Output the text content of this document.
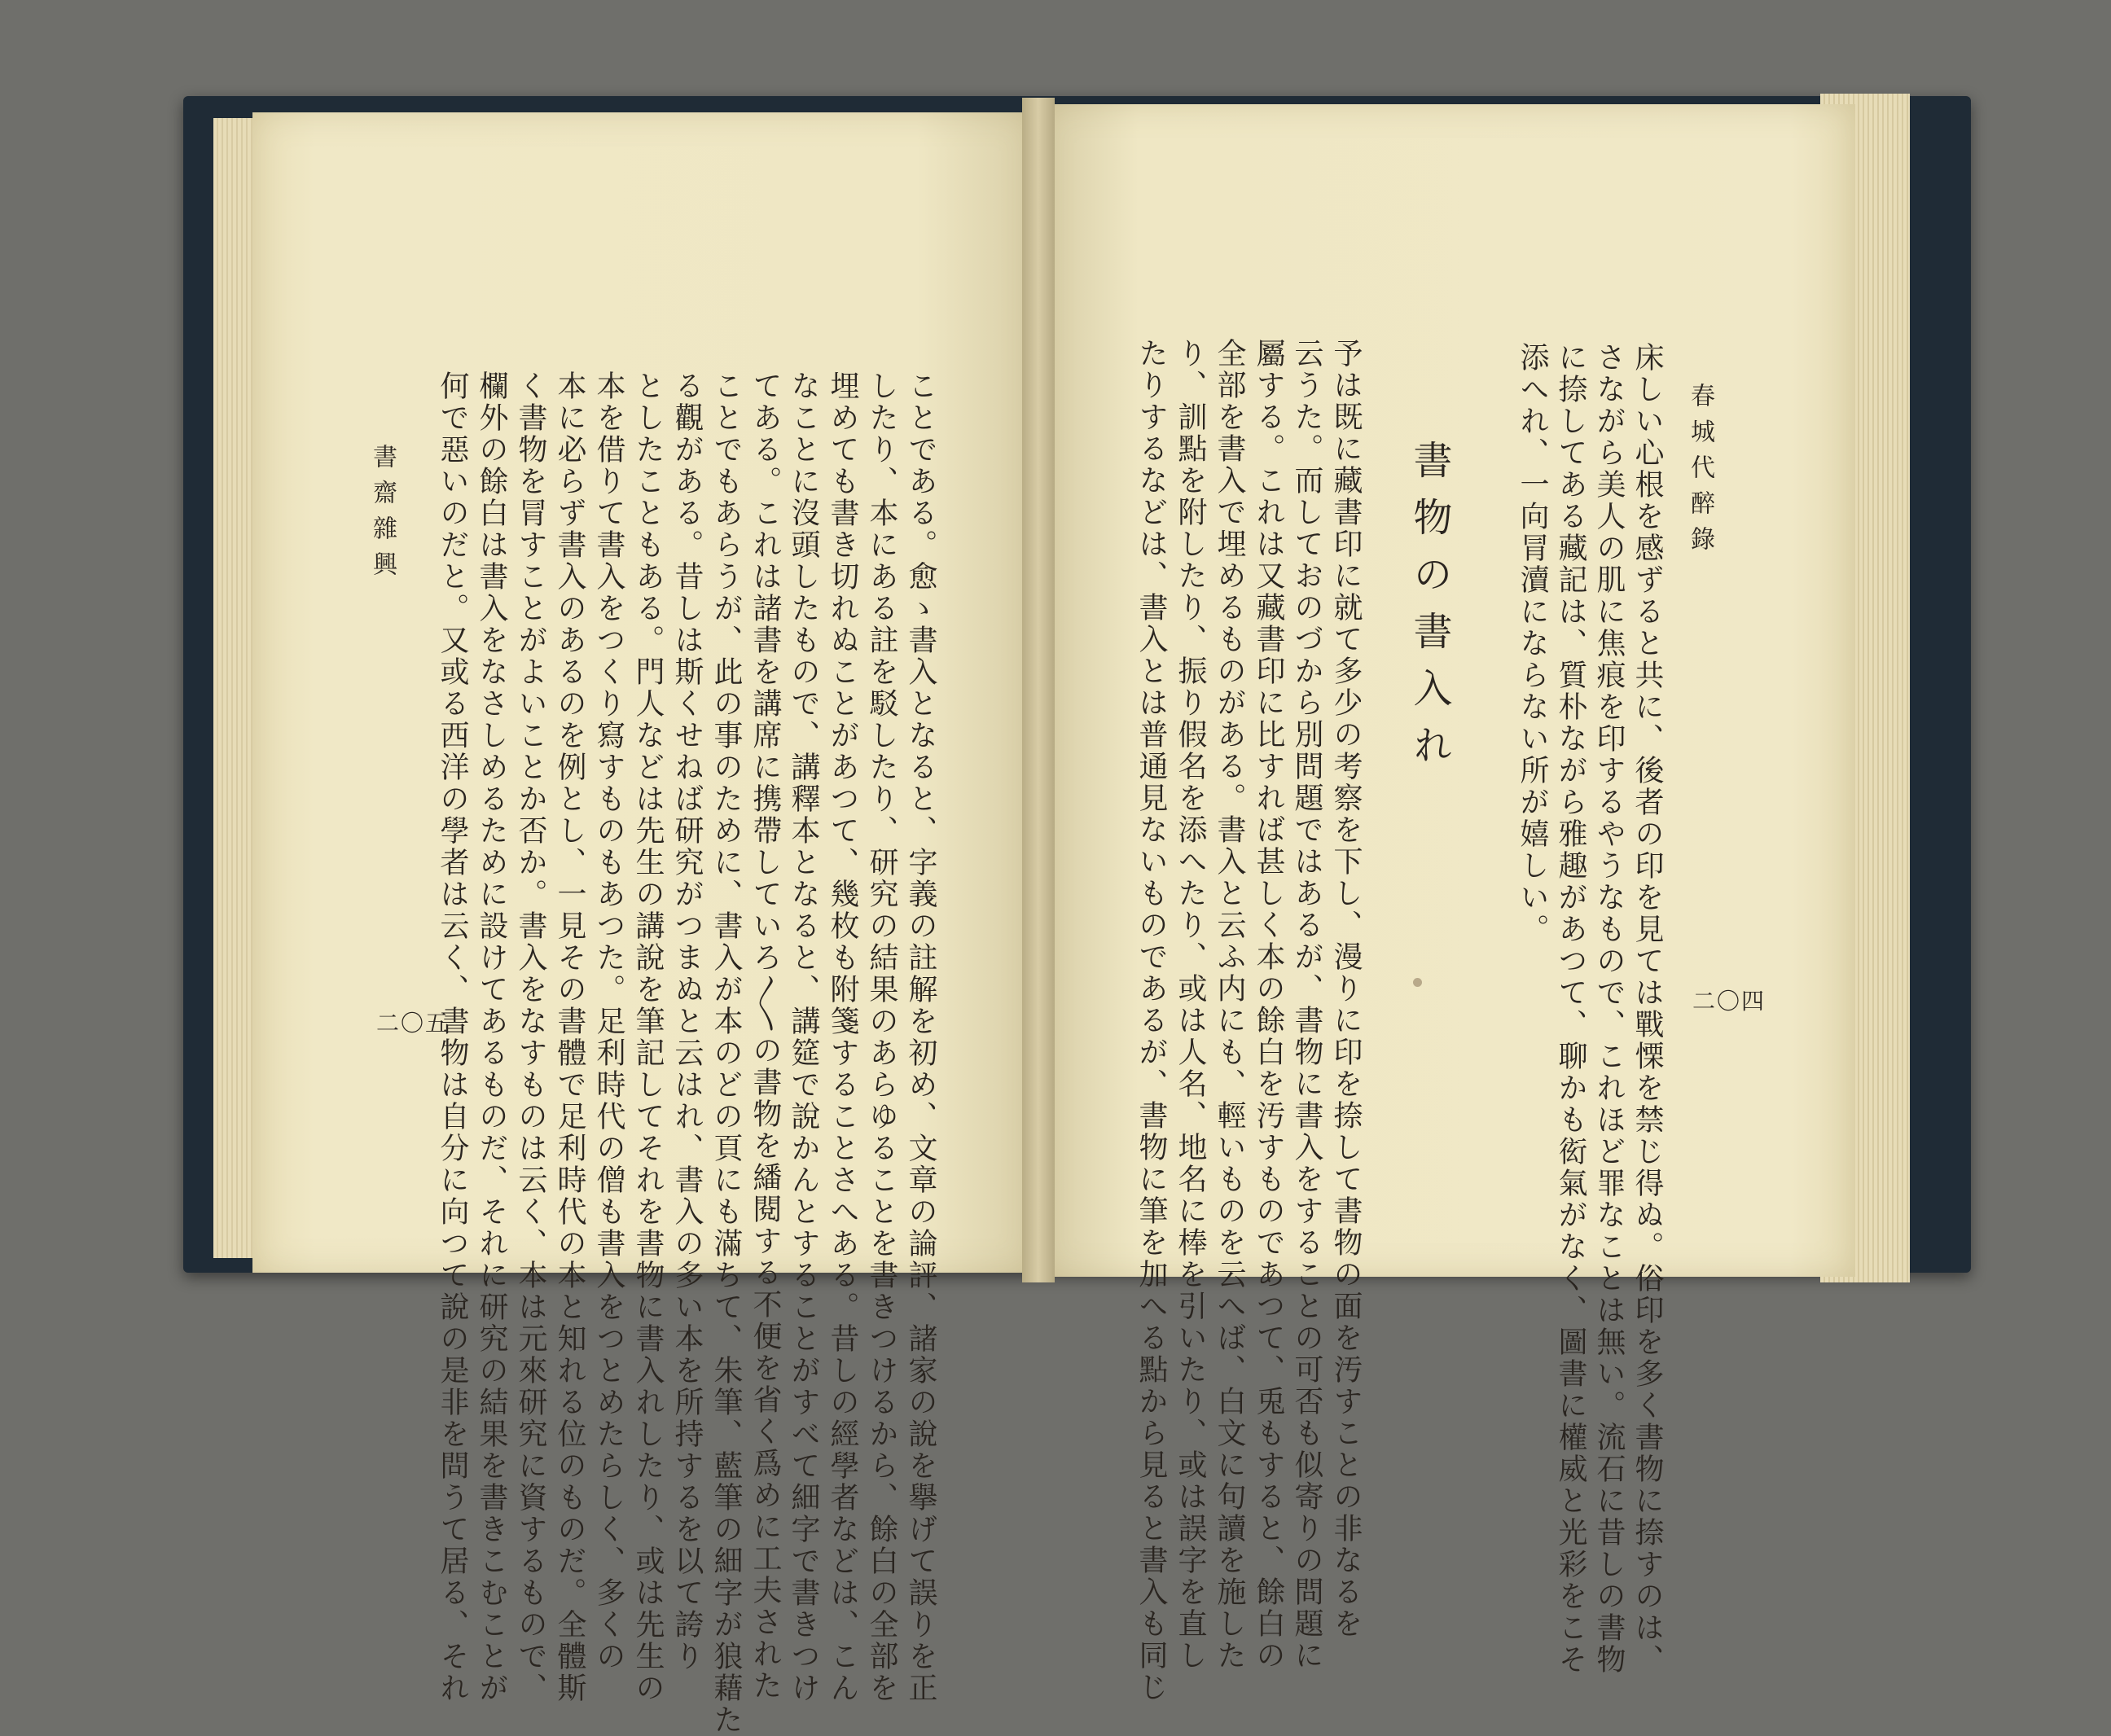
ことである。愈ゝ書入となると、字義の註解を初め、文章の論評、諸家の說を擧げて誤りを正
したり、本にある註を駁したり、研究の結果のあらゆることを書きつけるから、餘白の全部を
埋めても書き切れぬことがあつて、幾枚も附箋することさへある。昔しの經學者などは、こん
なことに沒頭したもので、講釋本となると、講筵で說かんとすることがすべて細字で書きつけ
てある。これは諸書を講席に携帶していろ〳〵の書物を繙閱する不便を省く爲めに工夫された
ことでもあらうが、此の事のために、書入が本のどの頁にも滿ちて、朱筆、藍筆の細字が狼藉た
る觀がある。昔しは斯くせねば研究がつまぬと云はれ、書入の多い本を所持するを以て誇り
としたこともある。門人などは先生の講說を筆記してそれを書物に書入れしたり、或は先生の
本を借りて書入をつくり寫すものもあつた。足利時代の僧も書入をつとめたらしく、多くの
本に必らず書入のあるのを例とし、一見その書體で足利時代の本と知れる位のものだ。全體斯
く書物を冐すことがよいことか否か。書入をなすものは云く、本は元來研究に資するもので、
欄外の餘白は書入をなさしめるために設けてあるものだ、それに研究の結果を書きこむことが
何で惡いのだと。又或る西洋の學者は云く、書物は自分に向つて說の是非を問うて居る、それ
書齋雜興
二〇五
春城代醉錄
二〇四
床しい心根を感ずると共に、後者の印を見ては戰慄を禁じ得ぬ。俗印を多く書物に捺すのは、
さながら美人の肌に焦痕を印するやうなもので、これほど罪なことは無い。流石に昔しの書物
に捺してある藏記は、質朴ながら雅趣があつて、聊かも衒氣がなく、圖書に權威と光彩をこそ
添へれ、一向冐瀆にならない所が嬉しい。
書物の書入れ
予は既に藏書印に就て多少の考察を下し、漫りに印を捺して書物の面を汚すことの非なるを
云うた。而しておのづから別問題ではあるが、書物に書入をすることの可否も似寄りの問題に
屬する。これは又藏書印に比すれば甚しく本の餘白を汚すものであつて、兎もすると、餘白の
全部を書入で埋めるものがある。書入と云ふ内にも、輕いものを云へば、白文に句讀を施した
り、訓點を附したり、振り假名を添へたり、或は人名、地名に棒を引いたり、或は誤字を直し
たりするなどは、書入とは普通見ないものであるが、書物に筆を加へる點から見ると書入も同じ
